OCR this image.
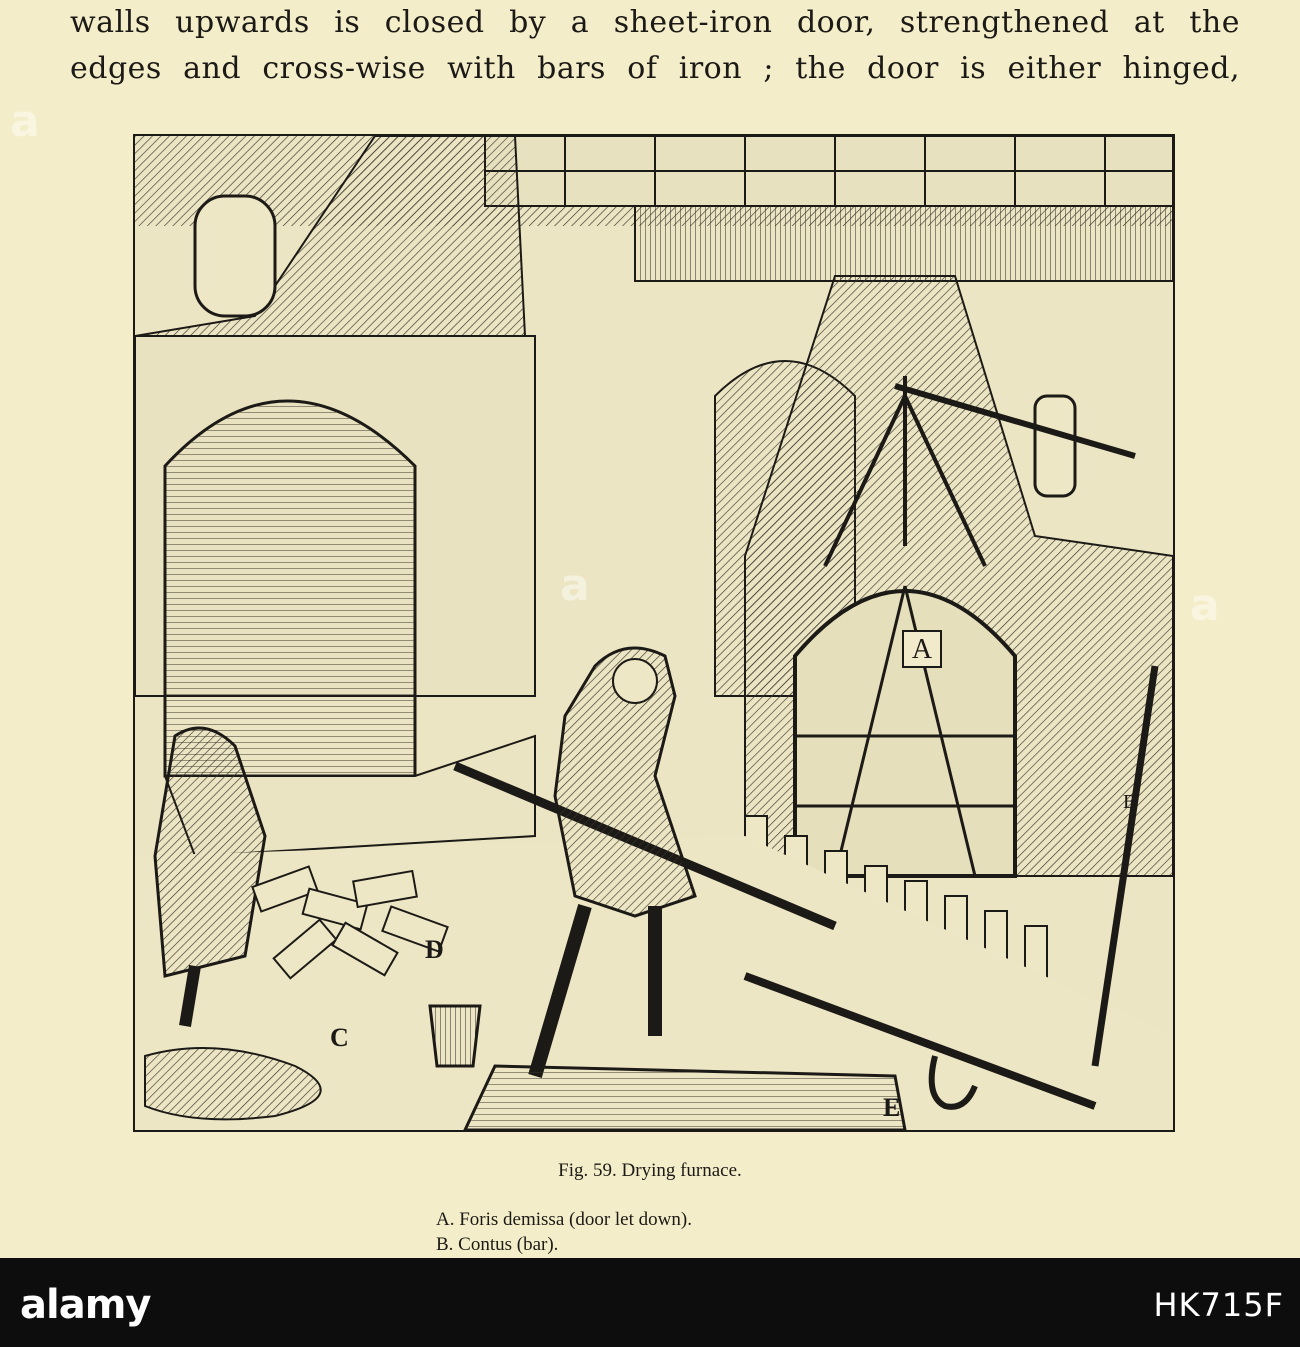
walls upwards is closed by a sheet-iron door, strengthened at the
edges and cross-wise with bars of iron ; the door is either hinged,
A
B
C
D
E
Fig. 59. Drying furnace.
A. Foris demissa (door let down).
B. Contus (bar).
a
a	a
alamy	HK715F
